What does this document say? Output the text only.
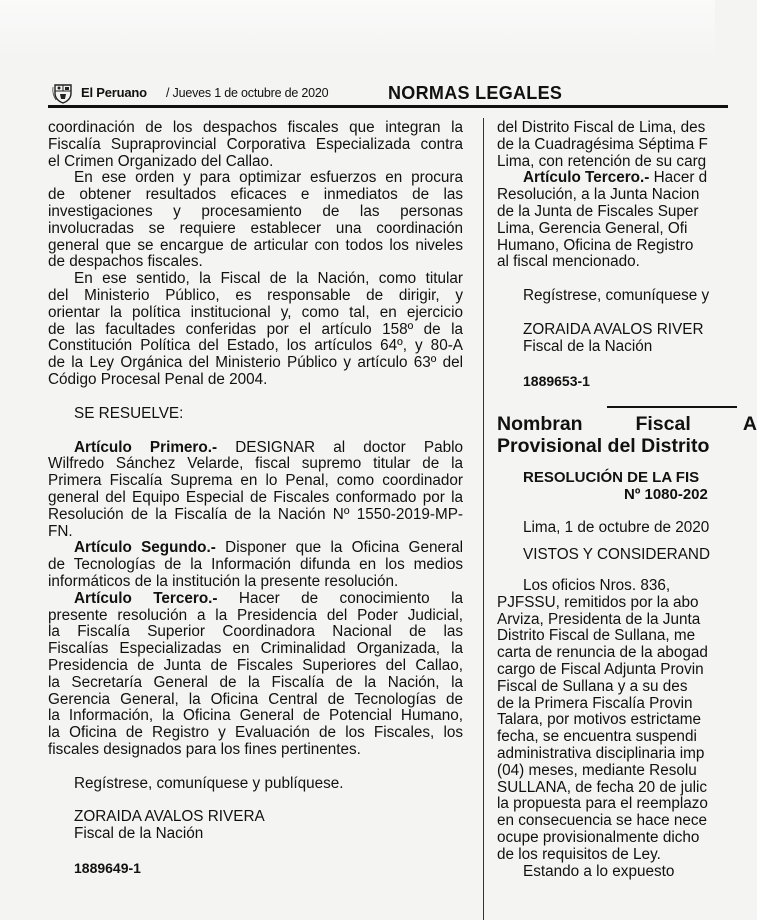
El Peruano / Jueves 1 de octubre de 2020	NORMAS LEGALES
coordinación de los despachos fiscales que integran la
Fiscalía Supraprovincial Corporativa Especializada contra
el Crimen Organizado del Callao.
En ese orden y para optimizar esfuerzos en procura
de obtener resultados eficaces e inmediatos de las
investigaciones y procesamiento de las personas
involucradas se requiere establecer una coordinación
general que se encargue de articular con todos los niveles
de despachos fiscales.
En ese sentido, la Fiscal de la Nación, como titular
del Ministerio Público, es responsable de dirigir, y
orientar la política institucional y, como tal, en ejercicio
de las facultades conferidas por el artículo 158º de la
Constitución Política del Estado, los artículos 64º, y 80-A
de la Ley Orgánica del Ministerio Público y artículo 63º del
Código Procesal Penal de 2004.
SE RESUELVE:
Artículo Primero.- DESIGNAR al doctor Pablo
Wilfredo Sánchez Velarde, fiscal supremo titular de la
Primera Fiscalía Suprema en lo Penal, como coordinador
general del Equipo Especial de Fiscales conformado por la
Resolución de la Fiscalía de la Nación Nº 1550-2019-MP-
FN.
Artículo Segundo.- Disponer que la Oficina General
de Tecnologías de la Información difunda en los medios
informáticos de la institución la presente resolución.
Artículo Tercero.- Hacer de conocimiento la
presente resolución a la Presidencia del Poder Judicial,
la Fiscalía Superior Coordinadora Nacional de las
Fiscalías Especializadas en Criminalidad Organizada, la
Presidencia de Junta de Fiscales Superiores del Callao,
la Secretaría General de la Fiscalía de la Nación, la
Gerencia General, la Oficina Central de Tecnologías de
la Información, la Oficina General de Potencial Humano,
la Oficina de Registro y Evaluación de los Fiscales, los
fiscales designados para los fines pertinentes.
Regístrese, comuníquese y publíquese.
ZORAIDA AVALOS RIVERA
Fiscal de la Nación
1889649-1
del Distrito Fiscal de Lima, des
de la Cuadragésima Séptima F
Lima, con retención de su carg
Artículo Tercero.- Hacer d
Resolución, a la Junta Nacion
de la Junta de Fiscales Super
Lima, Gerencia General, Ofi
Humano, Oficina de Registro
al fiscal mencionado.
Regístrese, comuníquese y
ZORAIDA AVALOS RIVER
Fiscal de la Nación
1889653-1
Nombran Fiscal A
Provisional del Distrito
RESOLUCIÓN DE LA FIS
Nº 1080-202
Lima, 1 de octubre de 2020
VISTOS Y CONSIDERAND
Los oficios Nros. 836,
PJFSSU, remitidos por la abo
Arviza, Presidenta de la Junta
Distrito Fiscal de Sullana, me
carta de renuncia de la abogad
cargo de Fiscal Adjunta Provin
Fiscal de Sullana y a su des
de la Primera Fiscalía Provin
Talara, por motivos estrictame
fecha, se encuentra suspendi
administrativa disciplinaria imp
(04) meses, mediante Resolu
SULLANA, de fecha 20 de julic
la propuesta para el reemplazo
en consecuencia se hace nece
ocupe provisionalmente dicho
de los requisitos de Ley.
Estando a lo expuesto
